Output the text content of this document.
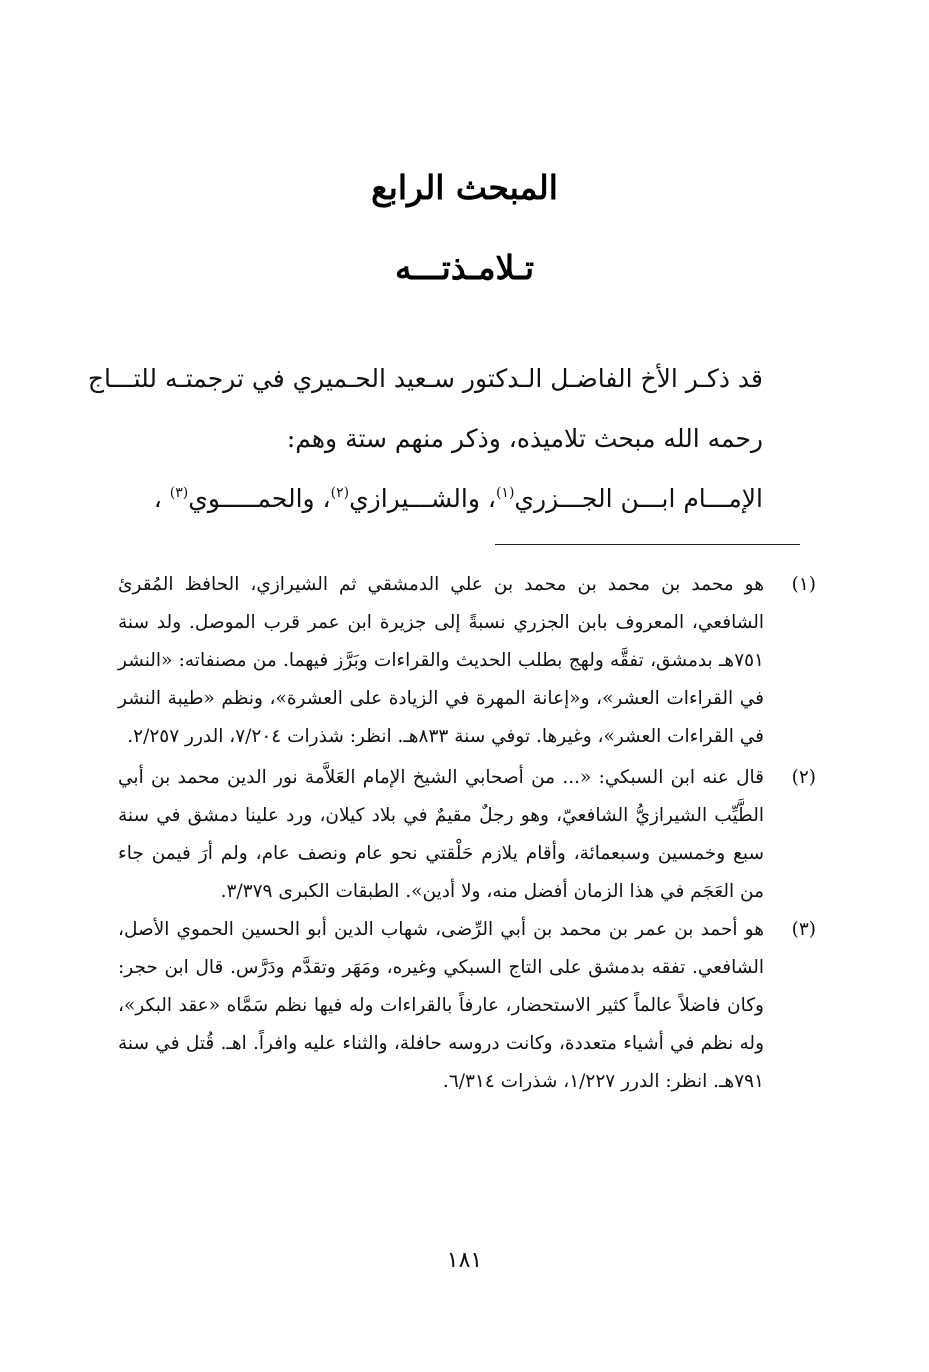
المبحث الرابع
تـلامـذتـــه
قد ذكـر الأخ الفاضـل الـدكتور سـعيد الحـميري في ترجمتـه للتـــاج
رحمه الله مبحث تلاميذه، وذكر منهم ستة وهم:
الإمـــام ابـــن الجـــزري$^{(١)}$، والشـــيرازي$^{(٢)}$، والحمـــــوي$^{(٣)}$ ،
(١)
هو محمد بن محمد بن محمد بن علي الدمشقي ثم الشيرازي، الحافظ المُقرئ الشافعي، المعروف بابن الجزري نسبةً إلى جزيرة ابن عمر قرب الموصل. ولد سنة ٧٥١هـ بدمشق، تفقَّه ولهج بطلب الحديث والقراءات وبَرَّز فيهما. من مصنفاته: «النشر في القراءات العشر»، و«إعانة المهرة في الزيادة على العشرة»، ونظم «طيبة النشر في القراءات العشر»، وغيرها. توفي سنة ٨٣٣هـ. انظر: شذرات ٧/٢٠٤، الدرر ٢/٢٥٧.
(٢)
قال عنه ابن السبكي: «... من أصحابي الشيخ الإمام العَلاَّمة نور الدين محمد بن أبي الطَّيِّب الشيرازيُّ الشافعيّ، وهو رجلٌ مقيمٌ في بلاد كيلان، ورد علينا دمشق في سنة سبع وخمسين وسبعمائة، وأقام يلازم حَلْقتي نحو عام ونصف عام، ولم أرَ فيمن جاء من العَجَم في هذا الزمان أفضل منه، ولا أدين». الطبقات الكبرى ٣/٣٧٩.
(٣)
هو أحمد بن عمر بن محمد بن أبي الرِّضى، شهاب الدين أبو الحسين الحموي الأصل، الشافعي. تفقه بدمشق على التاج السبكي وغيره، ومَهَر وتقدَّم ودَرَّس. قال ابن حجر: وكان فاضلاً عالماً كثير الاستحضار، عارفاً بالقراءات وله فيها نظم سَمَّاه «عقد البكر»، وله نظم في أشياء متعددة، وكانت دروسه حافلة، والثناء عليه وافراً. اهـ. قُتل في سنة ٧٩١هـ. انظر: الدرر ١/٢٢٧، شذرات ٦/٣١٤.
١٨١
